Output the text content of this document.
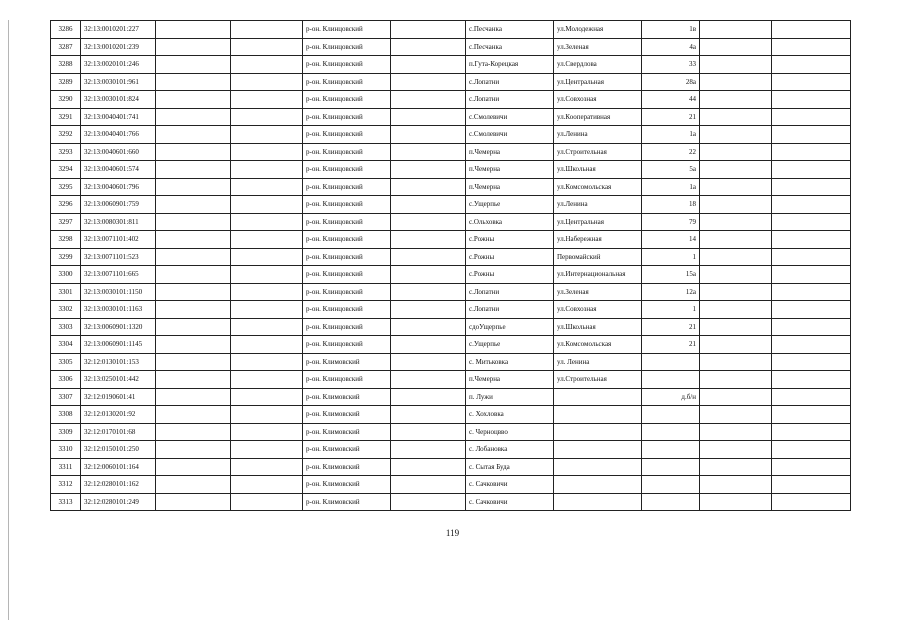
3286	32:13:0010201:227			р-он. Клинцовский		с.Песчанка	ул.Молодежная	1в		
3287	32:13:0010201:239			р-он. Клинцовский		с.Песчанка	ул.Зеленая	4а		
3288	32:13:0020101:246			р-он. Клинцовский		п.Гута-Корецкая	ул.Свердлова	33		
3289	32:13:0030101:961			р-он. Клинцовский		с.Лопатни	ул.Центральная	28а		
3290	32:13:0030101:824			р-он. Клинцовский		с.Лопатни	ул.Совхозная	44		
3291	32:13:0040401:741			р-он. Клинцовский		с.Смолевичи	ул.Кооперативная	21		
3292	32:13:0040401:766			р-он. Клинцовский		с.Смолевичи	ул.Ленина	1а		
3293	32:13:0040601:660			р-он. Клинцовский		п.Чемерна	ул.Строительная	22		
3294	32:13:0040601:574			р-он. Клинцовский		п.Чемерна	ул.Школьная	5а		
3295	32:13:0040601:796			р-он. Клинцовский		п.Чемерна	ул.Комсомольская	1а		
3296	32:13:0060901:759			р-он. Клинцовский		с.Ущерпье	ул.Ленина	18		
3297	32:13:0080301:811			р-он. Клинцовский		с.Ольховка	ул.Центральная	79		
3298	32:13:0071101:402			р-он. Клинцовский		с.Рожны	ул.Набережная	14		
3299	32:13:0071101:523			р-он. Клинцовский		с.Рожны	Первомайский	1		
3300	32:13:0071101:665			р-он. Клинцовский		с.Рожны	ул.Интернациональная	15а		
3301	32:13:0030101:1150			р-он. Клинцовский		с.Лопатни	ул.Зеленая	12а		
3302	32:13:0030101:1163			р-он. Клинцовский		с.Лопатни	ул.Совхозная	1		
3303	32:13:0060901:1320			р-он. Клинцовский		сдоУщерпье	ул.Школьная	21		
3304	32:13:0060901:1145			р-он. Клинцовский		с.Ущерпье	ул.Комсомольская	21		
3305	32:12:0130101:153			р-он. Климовский		с. Митьковка	ул. Ленина			
3306	32:13:0250101:442			р-он. Клинцовский		п.Чемерна	ул.Строительная			
3307	32:12:0190601:41			р-он. Климовский		п. Лужи		д.б/н		
3308	32:12:0130201:92			р-он. Климовский		с. Хохловка				
3309	32:12:0170101:68			р-он. Климовский		с. Черноцвво				
3310	32:12:0150101:250			р-он. Климовский		с. Лобановка				
3311	32:12:0060101:164			р-он. Климовский		с. Сытая Буда				
3312	32:12:0280101:162			р-он. Климовский		с. Сачковичи				
3313	32:12:0280101:249			р-он. Климовский		с. Сачковичи				
119
